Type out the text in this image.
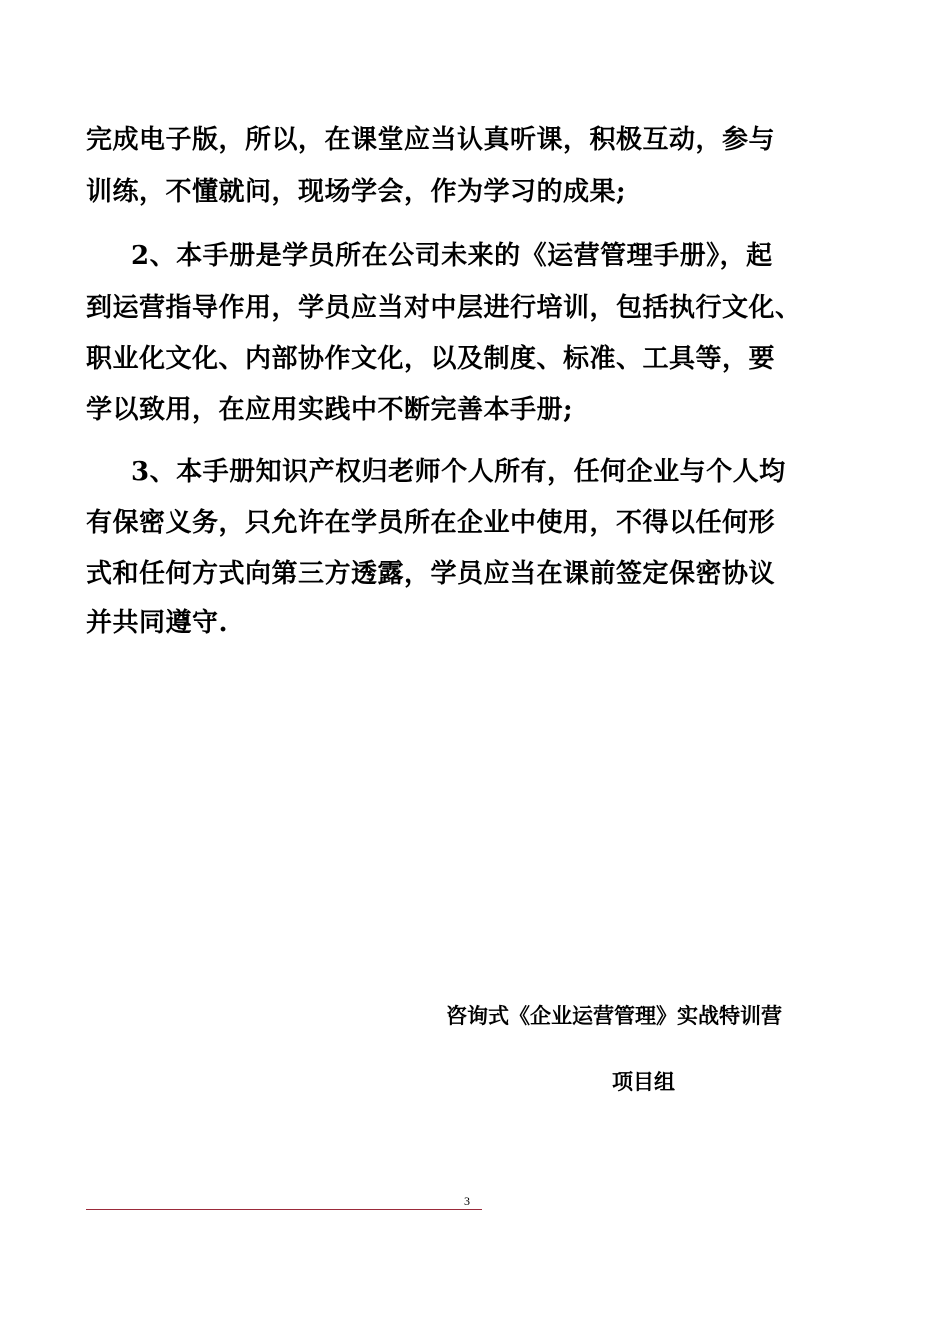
完成电子版，所以，在课堂应当认真听课，积极互动，参与
训练，不懂就问，现场学会，作为学习的成果;
2、本手册是学员所在公司未来的《运营管理手册》，起
到运营指导作用，学员应当对中层进行培训，包括执行文化、
职业化文化、内部协作文化，以及制度、标准、工具等，要
学以致用，在应用实践中不断完善本手册;
3、本手册知识产权归老师个人所有，任何企业与个人均
有保密义务，只允许在学员所在企业中使用，不得以任何形
式和任何方式向第三方透露，学员应当在课前签定保密协议
并共同遵守.
咨询式《企业运营管理》实战特训营
项目组
3
